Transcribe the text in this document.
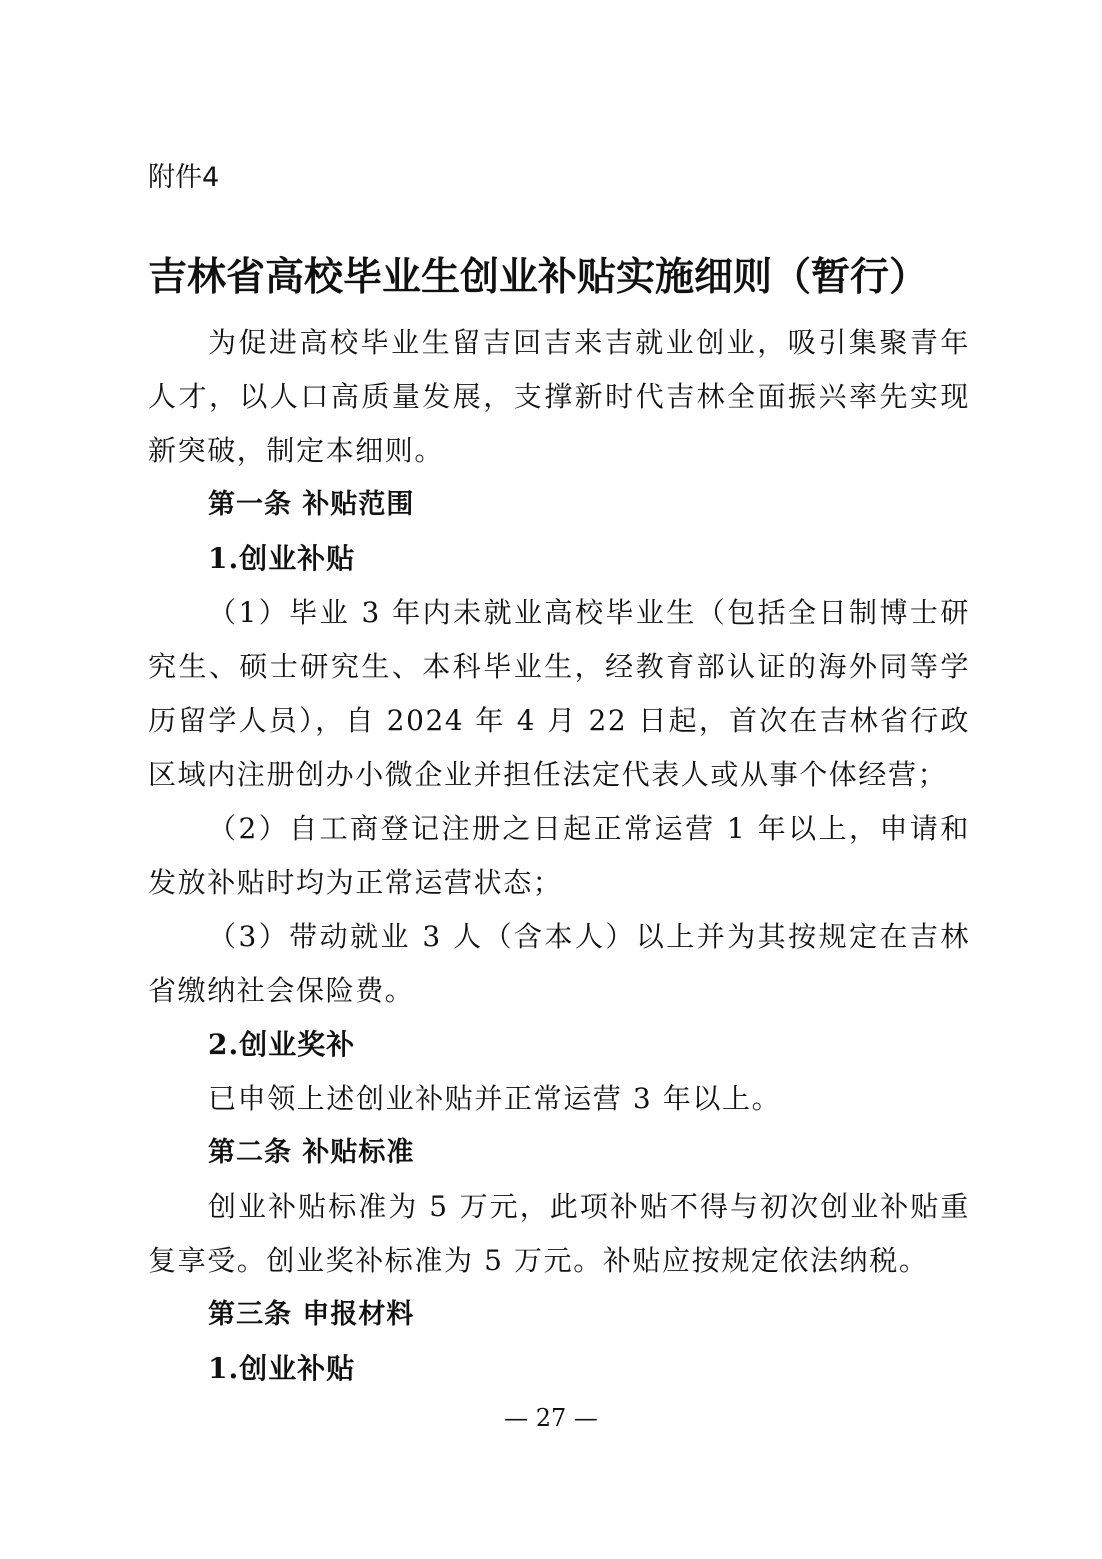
附件4
吉林省高校毕业生创业补贴实施细则（暂行）

为促进高校毕业生留吉回吉来吉就业创业，吸引集聚青年人才，以人口高质量发展，支撑新时代吉林全面振兴率先实现新突破，制定本细则。

第一条 补贴范围

1.创业补贴

（1）毕业 3 年内未就业高校毕业生（包括全日制博士研究生、硕士研究生、本科毕业生，经教育部认证的海外同等学历留学人员），自 2024 年 4 月 22 日起，首次在吉林省行政区域内注册创办小微企业并担任法定代表人或从事个体经营；

（2）自工商登记注册之日起正常运营 1 年以上，申请和发放补贴时均为正常运营状态；

（3）带动就业 3 人（含本人）以上并为其按规定在吉林省缴纳社会保险费。

2.创业奖补

已申领上述创业补贴并正常运营 3 年以上。

第二条 补贴标准

创业补贴标准为 5 万元，此项补贴不得与初次创业补贴重复享受。创业奖补标准为 5 万元。补贴应按规定依法纳税。

第三条 申报材料

1.创业补贴

— 27 —
